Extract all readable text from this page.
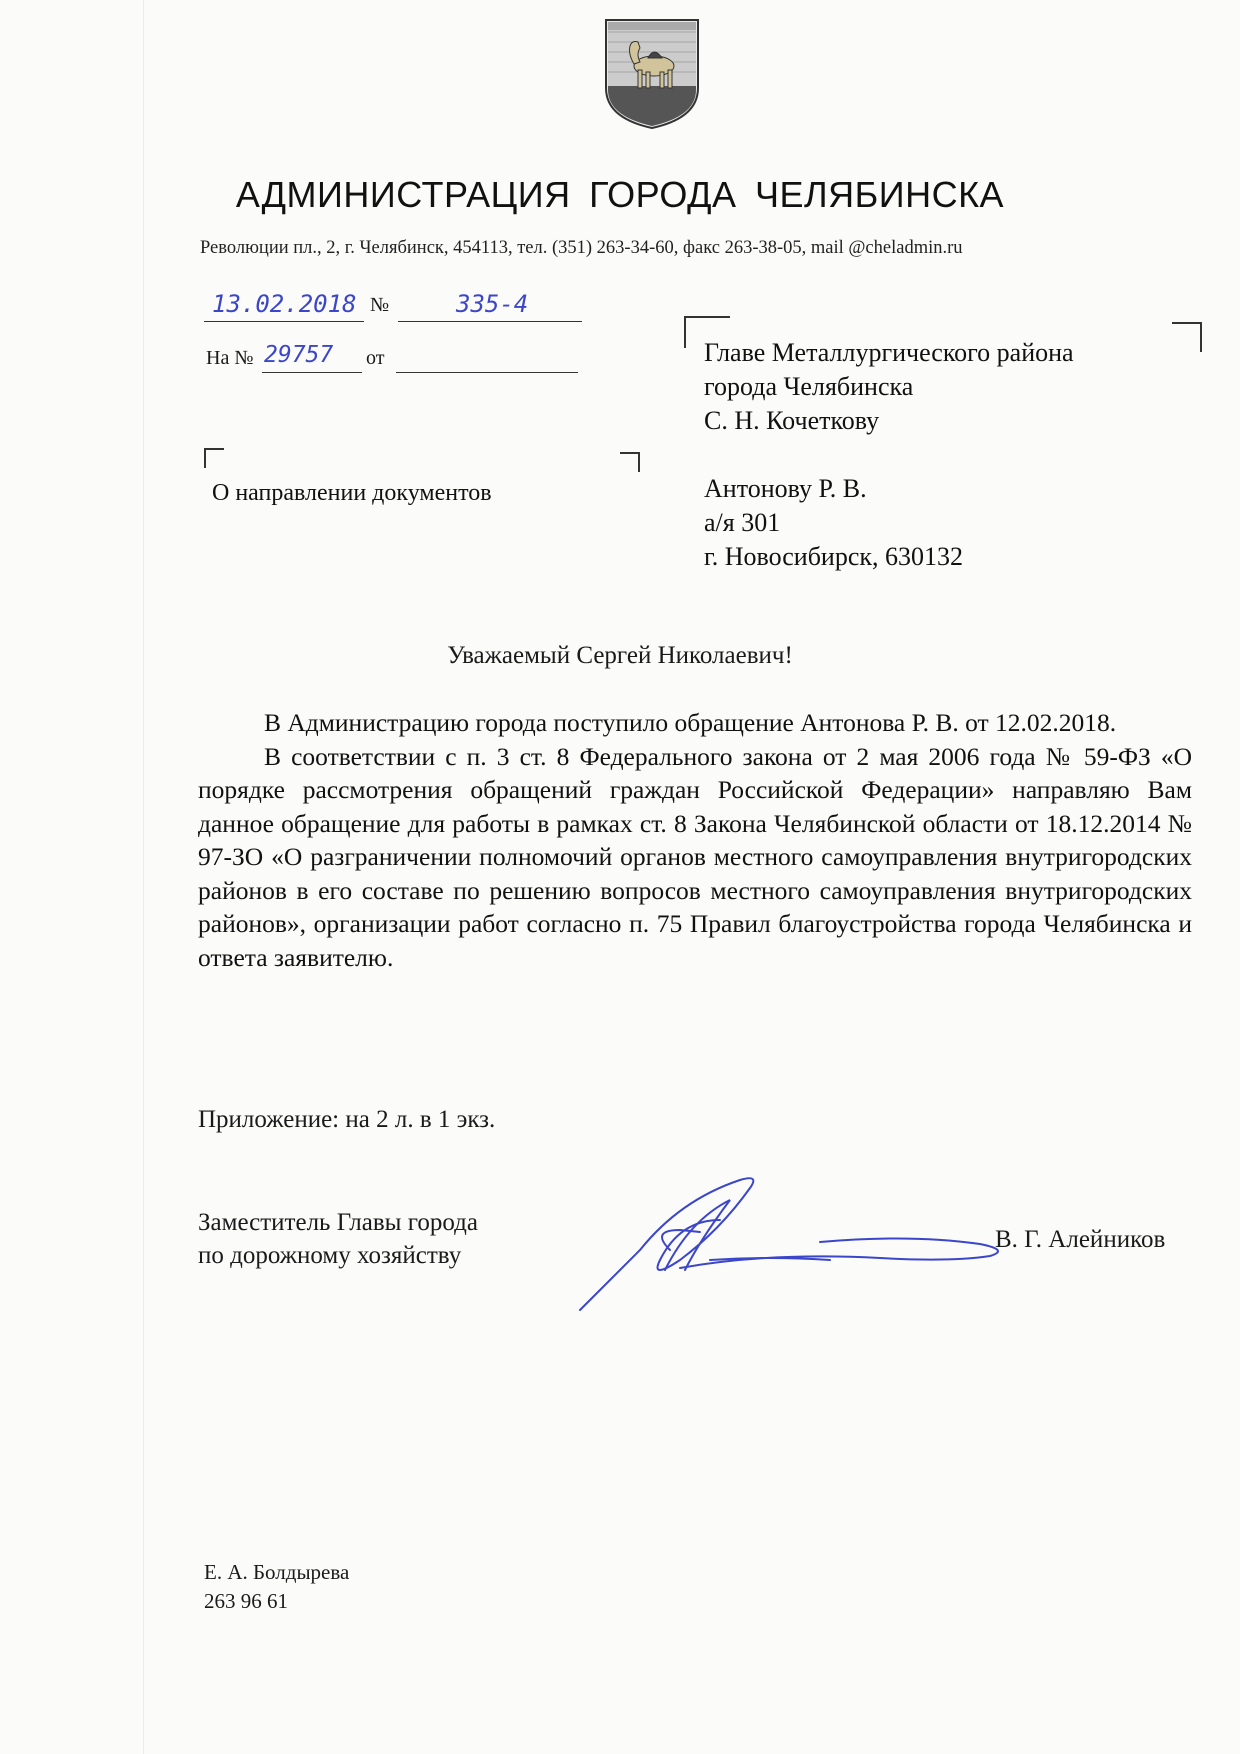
АДМИНИСТРАЦИЯ ГОРОДА ЧЕЛЯБИНСКА
Революции пл., 2, г. Челябинск, 454113, тел. (351) 263-34-60, факс 263-38-05, mail @cheladmin.ru
13.02.2018 №	335-4
На № 29757 от	Главе Металлургического района
города Челябинска
С. Н. Кочеткову
Антонову Р. В.
а/я 301
г. Новосибирск, 630132
О направлении документов
Уважаемый Сергей Николаевич!

В Администрацию города поступило обращение Антонова Р. В. от 12.02.2018.

В соответствии с п. 3 ст. 8 Федерального закона от 2 мая 2006 года № 59-ФЗ «О порядке рассмотрения обращений граждан Российской Федерации» направляю Вам данное обращение для работы в рамках ст. 8 Закона Челябинской области от 18.12.2014 № 97-ЗО «О разграничении полномочий органов местного самоуправления внутригородских районов в его составе по решению вопросов местного самоуправления внутригородских районов», организации работ согласно п. 75 Правил благоустройства города Челябинска и ответа заявителю.

Приложение: на 2 л. в 1 экз.
Заместитель Главы города
по дорожному хозяйству
В. Г. Алейников
Е. А. Болдырева
263 96 61
